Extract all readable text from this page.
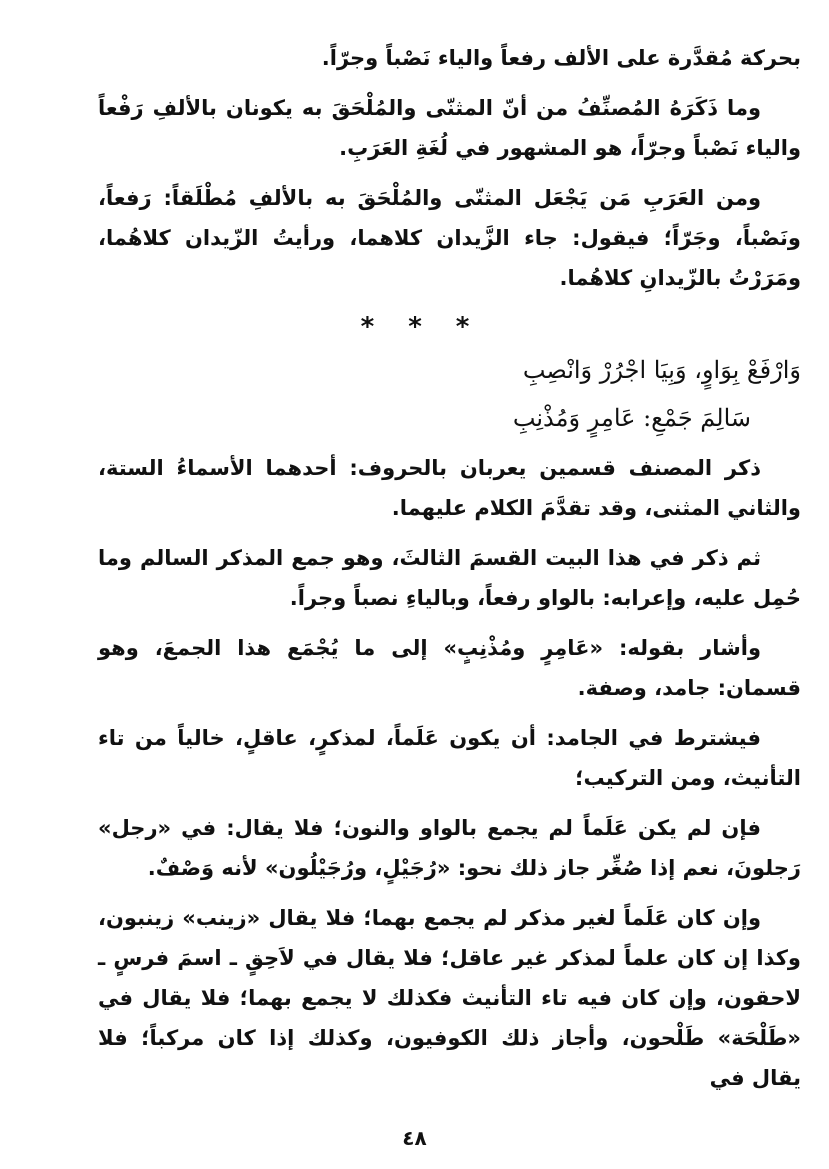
بحركة مُقدَّرة على الألف رفعاً والياء نَصْباً وجرّاً.

وما ذَكَرَهُ المُصنِّفُ من أنّ المثنّى والمُلْحَقَ به يكونان بالألفِ رَفْعاً والياء نَصْباً وجرّاً، هو المشهور في لُغَةِ العَرَبِ.

ومن العَرَبِ مَن يَجْعَل المثنّى والمُلْحَقَ به بالألفِ مُطْلَقاً: رَفعاً، ونَصْباً، وجَرّاً؛ فيقول: جاء الزَّيدان كلاهما، ورأيتُ الزّيدان كلاهُما، ومَرَرْتُ بالزّيدانِ كلاهُما.

* * *
وَارْفَعْ بِوَاوٍ، وَبِيَا اجْرُرْ وَانْصِبِ
سَالِمَ جَمْعِ: عَامِرٍ وَمُذْنِبِ

ذكر المصنف قسمين يعربان بالحروف: أحدهما الأسماءُ الستة، والثاني المثنى، وقد تقدَّمَ الكلام عليهما.

ثم ذكر في هذا البيت القسمَ الثالثَ، وهو جمع المذكر السالم وما حُمِل عليه، وإعرابه: بالواو رفعاً، وبالياءِ نصباً وجراً.

وأشار بقوله: «عَامِرٍ ومُذْنِبٍ» إلى ما يُجْمَع هذا الجمعَ، وهو قسمان: جامد، وصفة.

فيشترط في الجامد: أن يكون عَلَماً، لمذكرٍ، عاقلٍ، خالياً من تاء التأنيث، ومن التركيب؛

فإن لم يكن عَلَماً لم يجمع بالواو والنون؛ فلا يقال: في «رجل» رَجلونَ، نعم إذا صُغِّر جاز ذلك نحو: «رُجَيْلٍ، ورُجَيْلُون» لأنه وَصْفٌ.

وإن كان عَلَماً لغير مذكر لم يجمع بهما؛ فلا يقال «زينب» زينبون، وكذا إن كان علماً لمذكر غير عاقل؛ فلا يقال في لاَحِقٍ ـ اسمَ فرسٍ ـ لاحقون، وإن كان فيه تاء التأنيث فكذلك لا يجمع بهما؛ فلا يقال في «طَلْحَة» طَلْحون، وأجاز ذلك الكوفيون، وكذلك إذا كان مركباً؛ فلا يقال في

٤٨
